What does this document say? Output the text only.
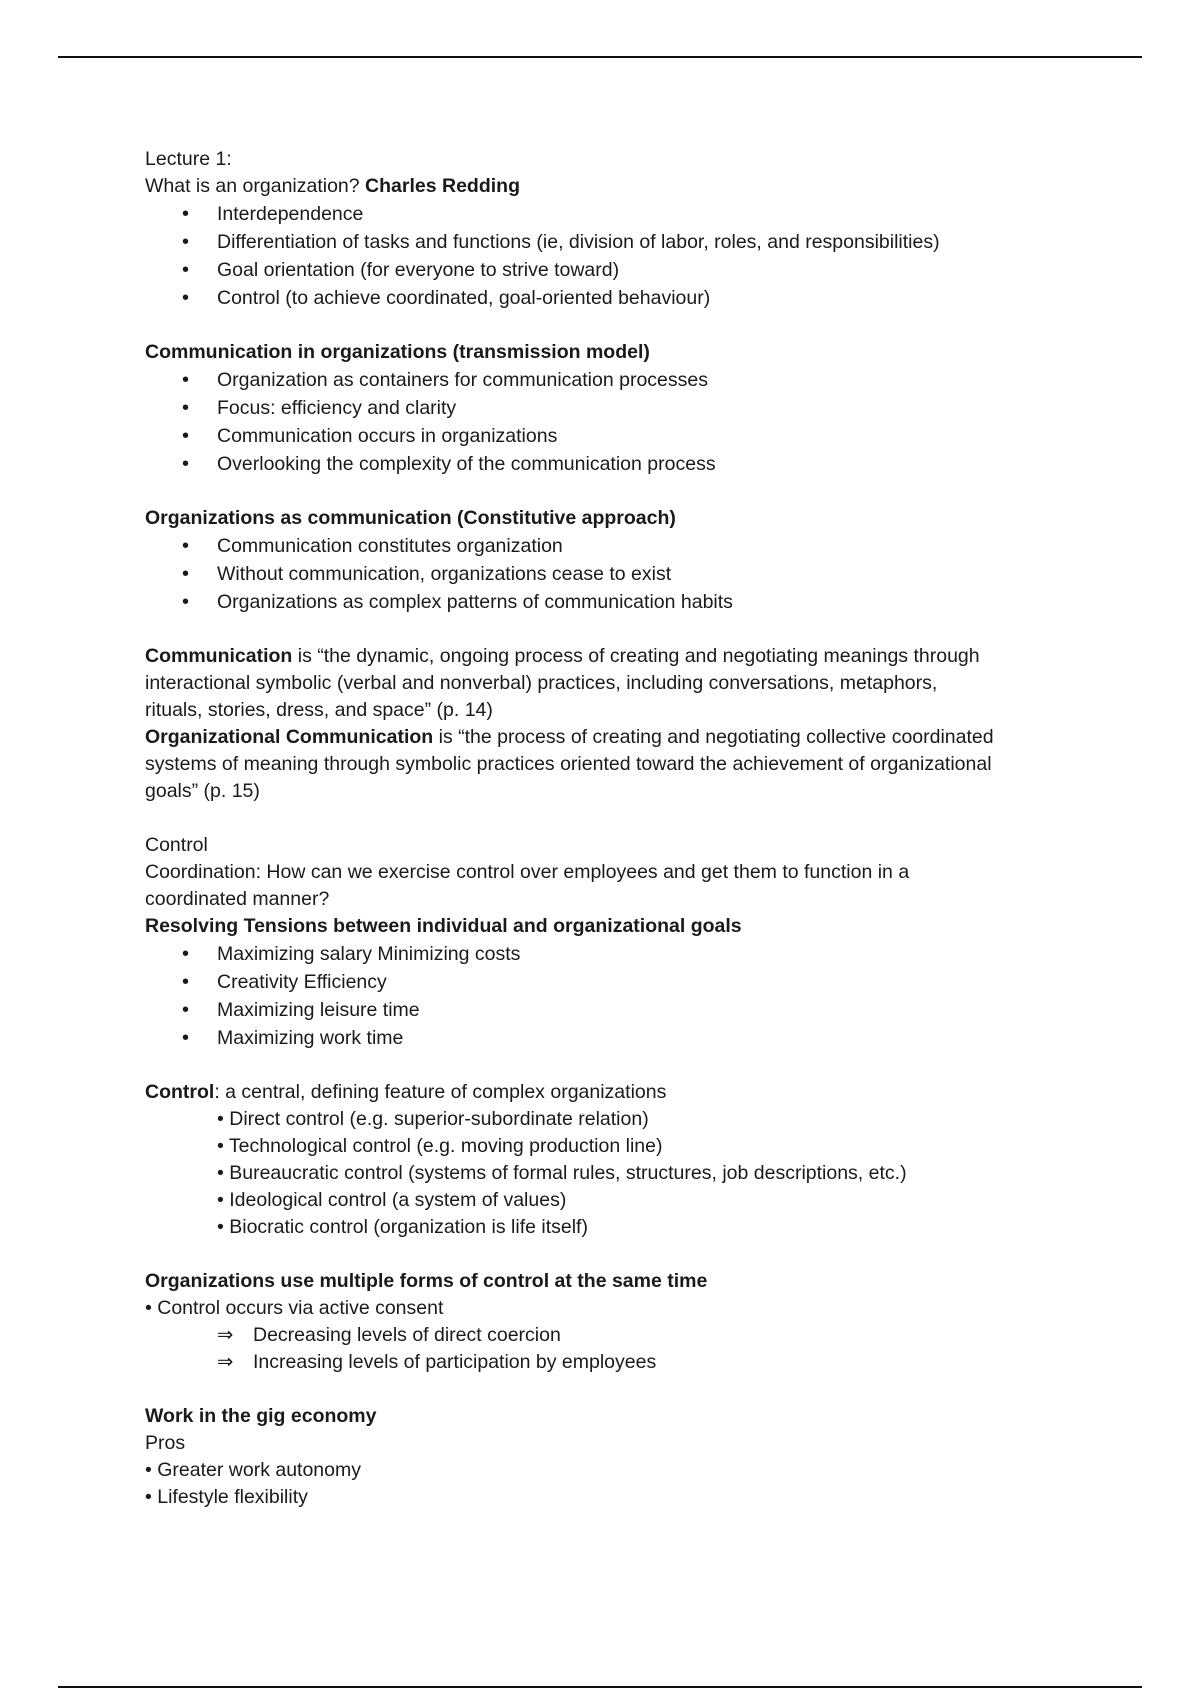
Lecture 1:

What is an organization? Charles Redding

• Interdependence
• Differentiation of tasks and functions (ie, division of labor, roles, and responsibilities)
• Goal orientation (for everyone to strive toward)
• Control (to achieve coordinated, goal-oriented behaviour)

Communication in organizations (transmission model)

• Organization as containers for communication processes
• Focus: efficiency and clarity
• Communication occurs in organizations
• Overlooking the complexity of the communication process

Organizations as communication (Constitutive approach)

• Communication constitutes organization
• Without communication, organizations cease to exist
• Organizations as complex patterns of communication habits

Communication is “the dynamic, ongoing process of creating and negotiating meanings through

interactional symbolic (verbal and nonverbal) practices, including conversations, metaphors,

rituals, stories, dress, and space” (p. 14)

Organizational Communication is “the process of creating and negotiating collective coordinated

systems of meaning through symbolic practices oriented toward the achievement of organizational

goals” (p. 15)

Control

Coordination: How can we exercise control over employees and get them to function in a

coordinated manner?

Resolving Tensions between individual and organizational goals

• Maximizing salary Minimizing costs
• Creativity Efficiency
• Maximizing leisure time
• Maximizing work time

Control: a central, defining feature of complex organizations

• Direct control (e.g. superior-subordinate relation)

• Technological control (e.g. moving production line)

• Bureaucratic control (systems of formal rules, structures, job descriptions, etc.)

• Ideological control (a system of values)

• Biocratic control (organization is life itself)

Organizations use multiple forms of control at the same time

• Control occurs via active consent

⇒ Decreasing levels of direct coercion

⇒ Increasing levels of participation by employees

Work in the gig economy

Pros

• Greater work autonomy

• Lifestyle flexibility
